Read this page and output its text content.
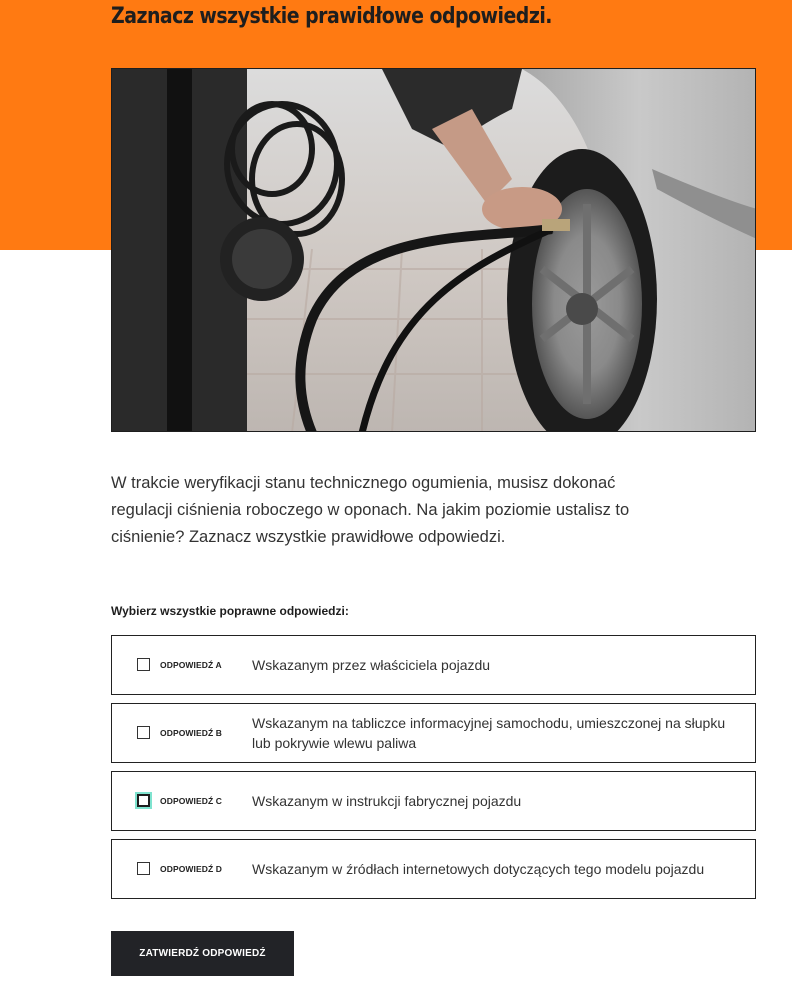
Zaznacz wszystkie prawidłowe odpowiedzi.

W trakcie weryfikacji stanu technicznego ogumienia, musisz dokonać regulacji ciśnienia roboczego w oponach. Na jakim poziomie ustalisz to ciśnienie? Zaznacz wszystkie prawidłowe odpowiedzi.

Wybierz wszystkie poprawne odpowiedzi:

ODPOWIEDŹ A Wskazanym przez właściciela pojazdu
ODPOWIEDŹ B
Wskazanym na tabliczce informacyjnej samochodu, umieszczonej na słupku lub pokrywie wlewu paliwa
ODPOWIEDŹ C Wskazanym w instrukcji fabrycznej pojazdu
ODPOWIEDŹ D Wskazanym w źródłach internetowych dotyczących tego modelu pojazdu
ZATWIERDŹ ODPOWIEDŹ
